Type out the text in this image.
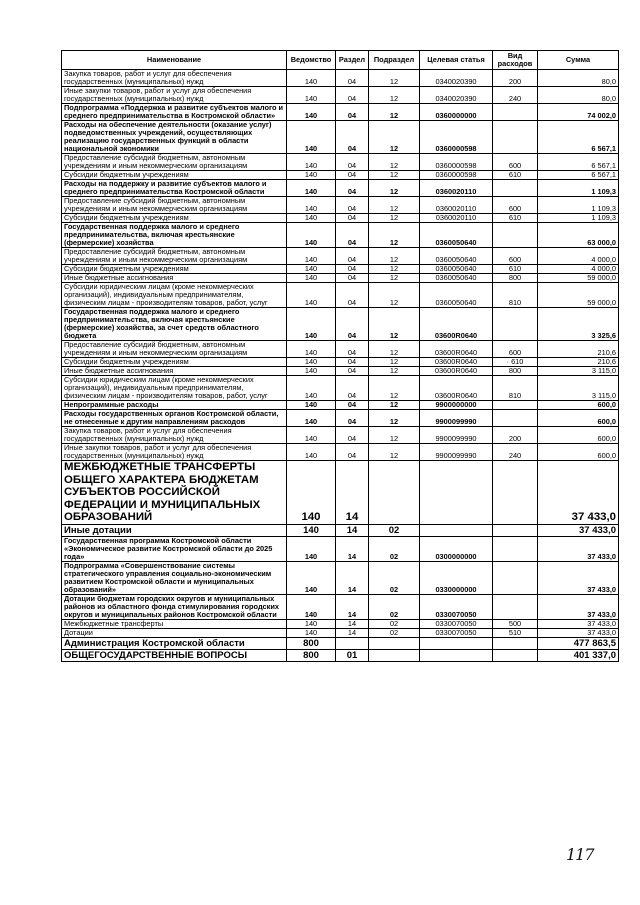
Наименование	Ведомство	Раздел	Подраздел	Целевая статья	Вид расходов	Сумма
Закупка товаров, работ и услуг для обеспечения государственных (муниципальных) нужд	140	04	12	0340020390	200	80,0
Иные закупки товаров, работ и услуг для обеспечения государственных (муниципальных) нужд	140	04	12	0340020390	240	80,0
Подпрограмма «Поддержка и развитие субъектов малого и среднего предпринимательства в Костромской области»	140	04	12	0360000000		74 002,0
Расходы на обеспечение деятельности (оказание услуг) подведомственных учреждений, осуществляющих реализацию государственных функций в области национальной экономики	140	04	12	0360000598		6 567,1
Предоставление субсидий бюджетным, автономным учреждениям и иным некоммерческим организациям	140	04	12	0360000598	600	6 567,1
Субсидии бюджетным учреждениям	140	04	12	0360000598	610	6 567,1
Расходы на поддержку и развитие субъектов малого и среднего предпринимательства Костромской области	140	04	12	0360020110		1 109,3
Предоставление субсидий бюджетным, автономным учреждениям и иным некоммерческим организациям	140	04	12	0360020110	600	1 109,3
Субсидии бюджетным учреждениям	140	04	12	0360020110	610	1 109,3
Государственная поддержка малого и среднего предпринимательства, включая крестьянские (фермерские) хозяйства	140	04	12	0360050640		63 000,0
Предоставление субсидий бюджетным, автономным учреждениям и иным некоммерческим организациям	140	04	12	0360050640	600	4 000,0
Субсидии бюджетным учреждениям	140	04	12	0360050640	610	4 000,0
Иные бюджетные ассигнования	140	04	12	0360050640	800	59 000,0
Субсидии юридическим лицам (кроме некоммерческих организаций), индивидуальным предпринимателям, физическим лицам - производителям товаров, работ, услуг	140	04	12	0360050640	810	59 000,0
Государственная поддержка малого и среднего предпринимательства, включая крестьянские (фермерские) хозяйства, за счет средств областного бюджета	140	04	12	03600R0640		3 325,6
Предоставление субсидий бюджетным, автономным учреждениям и иным некоммерческим организациям	140	04	12	03600R0640	600	210,6
Субсидии бюджетным учреждениям	140	04	12	03600R0640	· 610	210,6
Иные бюджетные ассигнования	140	04	12	03600R0640	800	3 115,0
Субсидии юридическим лицам (кроме некоммерческих организаций), индивидуальным предпринимателям, физическим лицам - производителям товаров, работ, услуг	140	04	12	03600R0640	810	3 115,0
Непрограммные расходы	140	04	12	9900000000		600,0
Расходы государственных органов Костромской области, не отнесенные к другим направлениям расходов	140	04	12	9900099990		600,0
Закупка товаров, работ и услуг для обеспечения государственных (муниципальных) нужд	140	04	12	9900099990	200	600,0
Иные закупки товаров, работ и услуг для обеспечения государственных (муниципальных) нужд	140	04	12	9900099990	240	600,0
МЕЖБЮДЖЕТНЫЕ ТРАНСФЕРТЫ ОБЩЕГО ХАРАКТЕРА БЮДЖЕТАМ СУБЪЕКТОВ РОССИЙСКОЙ ФЕДЕРАЦИИ И МУНИЦИПАЛЬНЫХ ОБРАЗОВАНИЙ	140	14				37 433,0
Иные дотации	140	14	02			37 433,0
Государственная программа Костромской области «Экономическое развитие Костромской области до 2025 года»	140	14	02	0300000000		37 433,0
Подпрограмма «Совершенствование системы стратегического управления социально-экономическим развитием Костромской области и муниципальных образований»	140	14	02	0330000000		37 433,0
Дотации бюджетам городских округов и муниципальных районов из областного фонда стимулирования городских округов и муниципальных районов Костромской области	140	14	02	0330070050		37 433,0
Межбюджетные трансферты	140	14	02	0330070050	500	37 433,0
Дотации	140	14	02	0330070050	510	37 433,0
Администрация Костромской области	800					477 863,5
ОБЩЕГОСУДАРСТВЕННЫЕ ВОПРОСЫ	800	01				401 337,0
117
